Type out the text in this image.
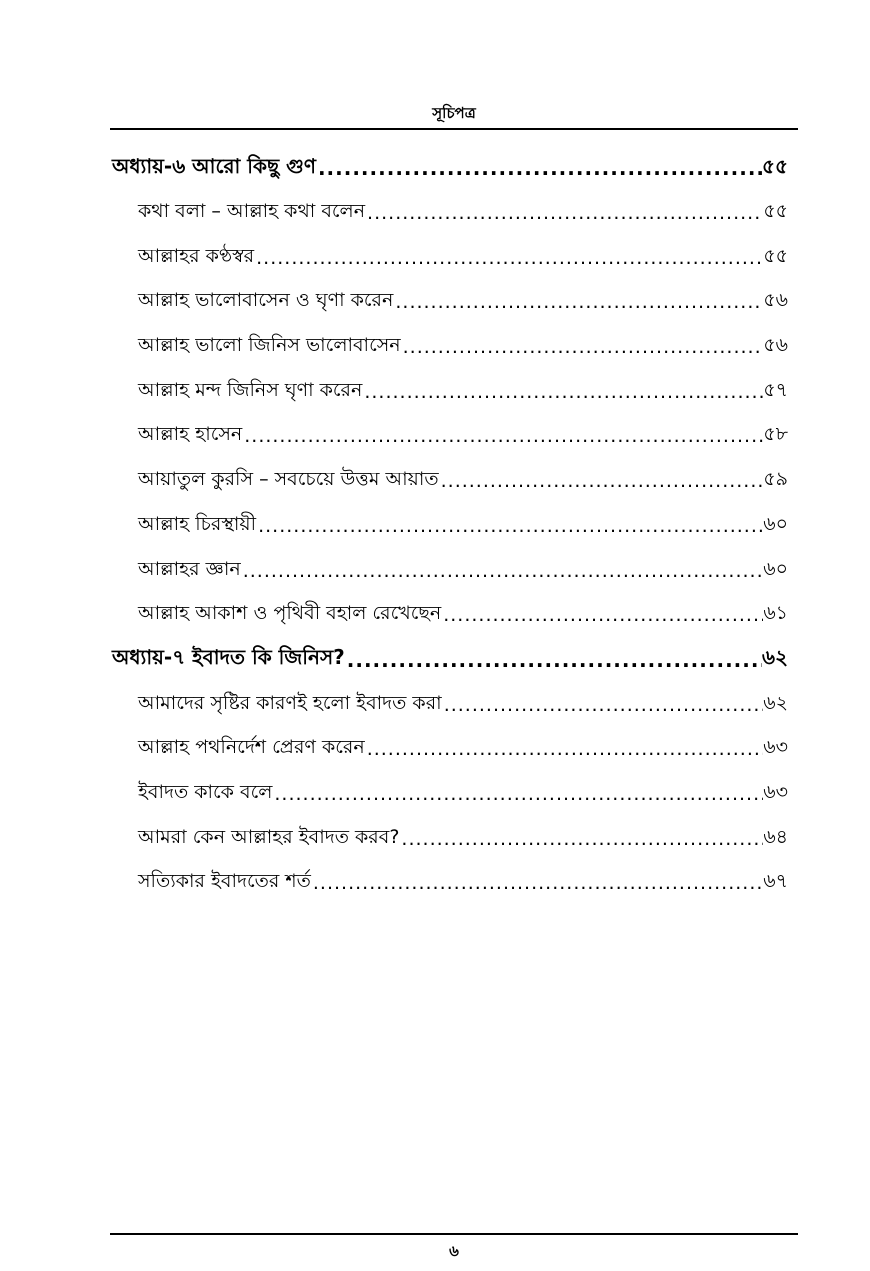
সূচিপত্র
অধ্যায়-৬ আরো কিছু গুণ .....	৫৫
কথা বলা – আল্লাহ কথা বলেন .....	৫৫
আল্লাহর কণ্ঠস্বর .....	৫৫
আল্লাহ ভালোবাসেন ও ঘৃণা করেন .....	৫৬
আল্লাহ ভালো জিনিস ভালোবাসেন .....	৫৬
আল্লাহ মন্দ জিনিস ঘৃণা করেন .....	৫৭
আল্লাহ হাসেন .....	৫৮
আয়াতুল কুরসি – সবচেয়ে উত্তম আয়াত .....	৫৯
আল্লাহ চিরস্থায়ী .....	৬০
আল্লাহর জ্ঞান .....	৬০
আল্লাহ আকাশ ও পৃথিবী বহাল রেখেছেন .....	৬১
অধ্যায়-৭ ইবাদত কি জিনিস? .....	৬২
আমাদের সৃষ্টির কারণই হলো ইবাদত করা .....	৬২
আল্লাহ পথনির্দেশ প্রেরণ করেন .....	৬৩
ইবাদত কাকে বলে .....	৬৩
আমরা কেন আল্লাহর ইবাদত করব? .....	৬৪
সত্যিকার ইবাদতের শর্ত .....	৬৭
৬
